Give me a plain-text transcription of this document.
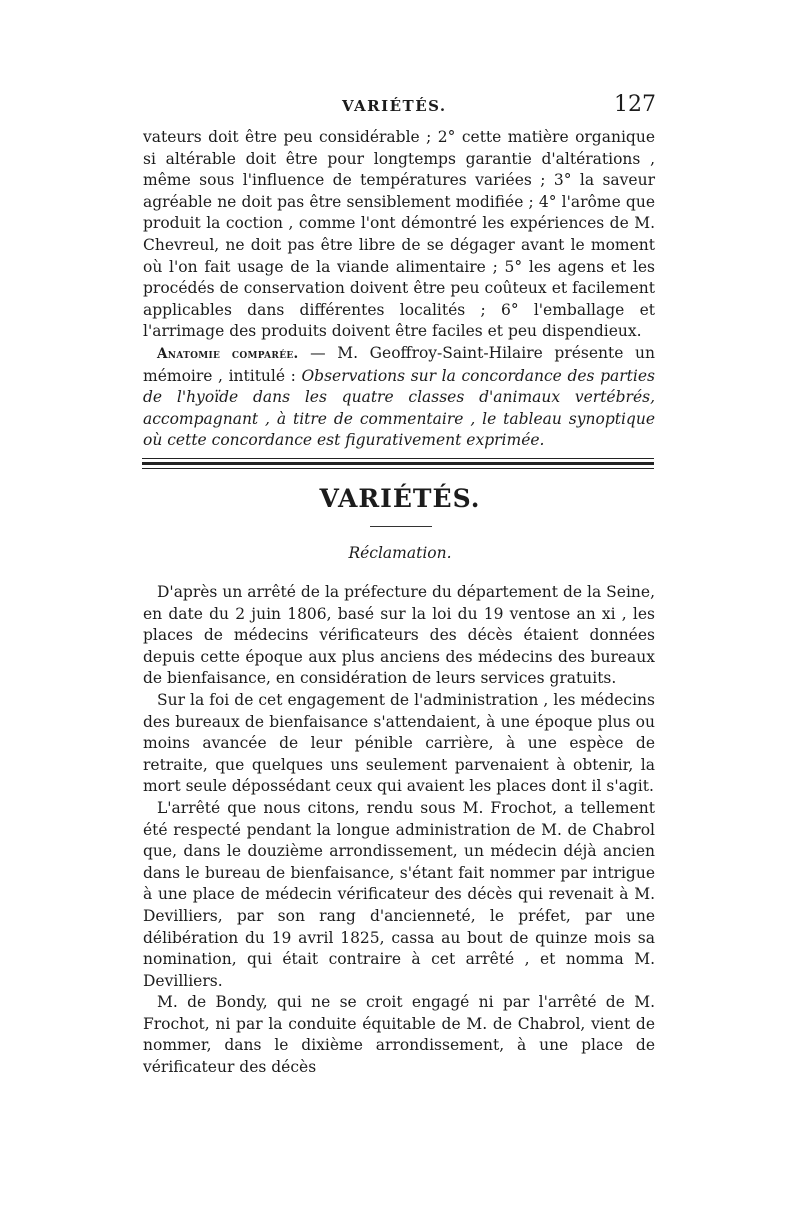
VARIÉTÉS.	127

vateurs doit être peu considérable ; 2° cette matière organique si altérable doit être pour longtemps garantie d'altérations , même sous l'influence de températures variées ; 3° la saveur agréable ne doit pas être sensiblement modifiée ; 4° l'arôme que produit la coction , comme l'ont démontré les expériences de M. Chevreul, ne doit pas être libre de se dégager avant le moment où l'on fait usage de la viande alimentaire ; 5° les agens et les procédés de conservation doivent être peu coûteux et facilement applicables dans différentes localités ; 6° l'emballage et l'arrimage des produits doivent être faciles et peu dispendieux.

Anatomie comparée. — M. Geoffroy-Saint-Hilaire présente un mémoire , intitulé : Observations sur la concordance des parties de l'hyoïde dans les quatre classes d'animaux vertébrés, accompagnant , à titre de commentaire , le tableau synoptique où cette concordance est figurativement exprimée.

VARIÉTÉS.
Réclamation.

D'après un arrêté de la préfecture du département de la Seine, en date du 2 juin 1806, basé sur la loi du 19 ventose an xi , les places de médecins vérificateurs des décès étaient données depuis cette époque aux plus anciens des médecins des bureaux de bienfaisance, en considération de leurs services gratuits.

Sur la foi de cet engagement de l'administration , les médecins des bureaux de bienfaisance s'attendaient, à une époque plus ou moins avancée de leur pénible carrière, à une espèce de retraite, que quelques uns seulement parvenaient à obtenir, la mort seule dépossédant ceux qui avaient les places dont il s'agit.

L'arrêté que nous citons, rendu sous M. Frochot, a tellement été respecté pendant la longue administration de M. de Chabrol que, dans le douzième arrondissement, un médecin déjà ancien dans le bureau de bienfaisance, s'étant fait nommer par intrigue à une place de médecin vérificateur des décès qui revenait à M. Devilliers, par son rang d'ancienneté, le préfet, par une délibération du 19 avril 1825, cassa au bout de quinze mois sa nomination, qui était contraire à cet arrêté , et nomma M. Devilliers.

M. de Bondy, qui ne se croit engagé ni par l'arrêté de M. Frochot, ni par la conduite équitable de M. de Chabrol, vient de nommer, dans le dixième arrondissement, à une place de vérificateur des décès
